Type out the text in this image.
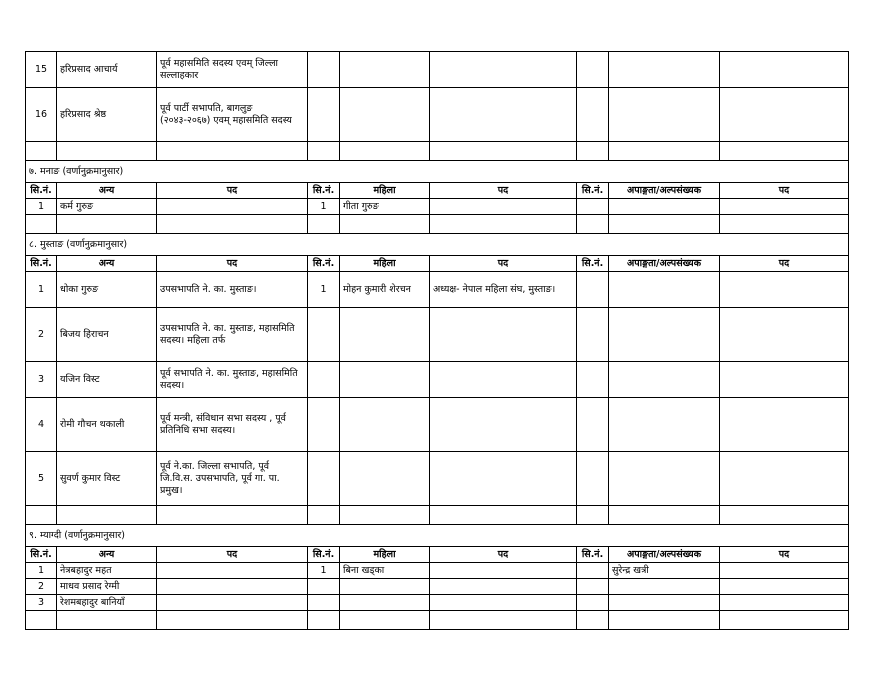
15	हरिप्रसाद आचार्य	पूर्व महासमिति सदस्य एवम् जिल्ला सल्लाहकार						
16	हरिप्रसाद श्रेष्ठ	पूर्व पार्टी सभापति, बागलुङ (२०४३-२०६७) एवम् महासमिति सदस्य						

७. मनाङ (वर्णानुक्रमानुसार)								
सि.नं.	अन्य	पद	सि.नं.	महिला	पद	सि.नं.	अपाङ्गता/अल्पसंख्यक	पद
1	कर्म गुरुङ		1	गीता गुरुङ				

८. मुस्ताङ (वर्णानुक्रमानुसार)								
सि.नं.	अन्य	पद	सि.नं.	महिला	पद	सि.नं.	अपाङ्गता/अल्पसंख्यक	पद
1	धोका गुरुङ	उपसभापति ने. का. मुस्ताङ।	1	मोहन कुमारी शेरचन	अध्यक्ष- नेपाल महिला संघ, मुस्ताङ।			
2	बिजय हिराचन	उपसभापति ने. का. मुस्ताङ, महासमिति सदस्य। महिला तर्फ						
3	यजिन विस्ट	पूर्व सभापति ने. का. मुस्ताङ, महासमिति सदस्य।						
4	रोमी गौचन थकाली	पूर्व मन्त्री, संविधान सभा सदस्य , पूर्व प्रतिनिधि सभा सदस्य।						
5	सुवर्ण कुमार विस्ट	पूर्व ने.का. जिल्ला सभापति, पूर्व जि.वि.स. उपसभापति, पूर्व गा. पा. प्रमुख।						

९. म्याग्दी (वर्णानुक्रमानुसार)								
सि.नं.	अन्य	पद	सि.नं.	महिला	पद	सि.नं.	अपाङ्गता/अल्पसंख्यक	पद
1	नेत्रबहादुर महत		1	बिना खड्का			सुरेन्द्र खत्री	
2	माधव प्रसाद रेग्मी							
3	रेशमबहादुर बानियाँ							
